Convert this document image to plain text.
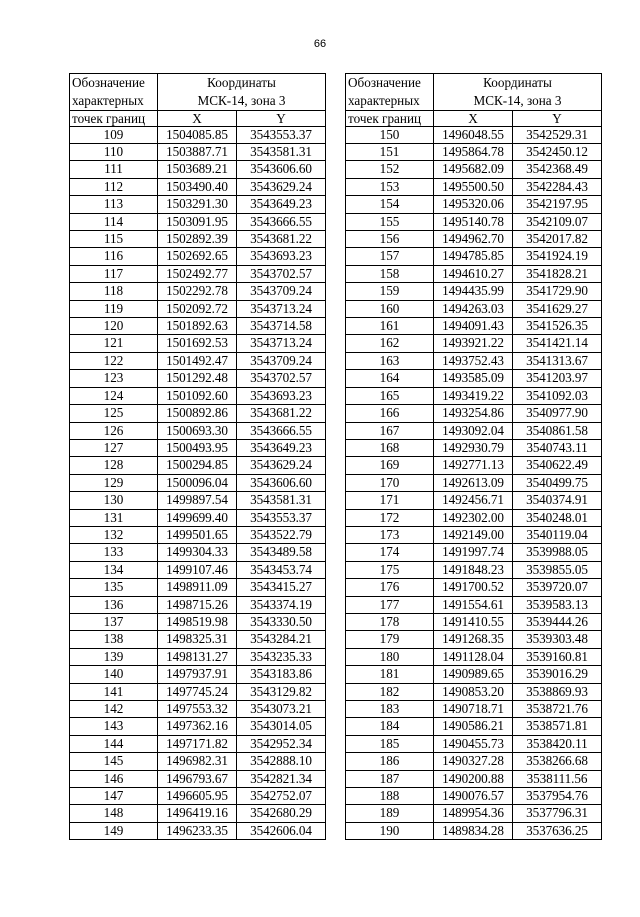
66
Обозначение
характерных	Координаты
МСК-14, зона 3	

точек границ	X	Y
109	1504085.85	3543553.37
110	1503887.71	3543581.31
111	1503689.21	3543606.60
112	1503490.40	3543629.24
113	1503291.30	3543649.23
114	1503091.95	3543666.55
115	1502892.39	3543681.22
116	1502692.65	3543693.23
117	1502492.77	3543702.57
118	1502292.78	3543709.24
119	1502092.72	3543713.24
120	1501892.63	3543714.58
121	1501692.53	3543713.24
122	1501492.47	3543709.24
123	1501292.48	3543702.57
124	1501092.60	3543693.23
125	1500892.86	3543681.22
126	1500693.30	3543666.55
127	1500493.95	3543649.23
128	1500294.85	3543629.24
129	1500096.04	3543606.60
130	1499897.54	3543581.31
131	1499699.40	3543553.37
132	1499501.65	3543522.79
133	1499304.33	3543489.58
134	1499107.46	3543453.74
135	1498911.09	3543415.27
136	1498715.26	3543374.19
137	1498519.98	3543330.50
138	1498325.31	3543284.21
139	1498131.27	3543235.33
140	1497937.91	3543183.86
141	1497745.24	3543129.82
142	1497553.32	3543073.21
143	1497362.16	3543014.05
144	1497171.82	3542952.34
145	1496982.31	3542888.10
146	1496793.67	3542821.34
147	1496605.95	3542752.07
148	1496419.16	3542680.29
149	1496233.35	3542606.04
Обозначение
характерных	Координаты
МСК-14, зона 3	

точек границ	X	Y
150	1496048.55	3542529.31
151	1495864.78	3542450.12
152	1495682.09	3542368.49
153	1495500.50	3542284.43
154	1495320.06	3542197.95
155	1495140.78	3542109.07
156	1494962.70	3542017.82
157	1494785.85	3541924.19
158	1494610.27	3541828.21
159	1494435.99	3541729.90
160	1494263.03	3541629.27
161	1494091.43	3541526.35
162	1493921.22	3541421.14
163	1493752.43	3541313.67
164	1493585.09	3541203.97
165	1493419.22	3541092.03
166	1493254.86	3540977.90
167	1493092.04	3540861.58
168	1492930.79	3540743.11
169	1492771.13	3540622.49
170	1492613.09	3540499.75
171	1492456.71	3540374.91
172	1492302.00	3540248.01
173	1492149.00	3540119.04
174	1491997.74	3539988.05
175	1491848.23	3539855.05
176	1491700.52	3539720.07
177	1491554.61	3539583.13
178	1491410.55	3539444.26
179	1491268.35	3539303.48
180	1491128.04	3539160.81
181	1490989.65	3539016.29
182	1490853.20	3538869.93
183	1490718.71	3538721.76
184	1490586.21	3538571.81
185	1490455.73	3538420.11
186	1490327.28	3538266.68
187	1490200.88	3538111.56
188	1490076.57	3537954.76
189	1489954.36	3537796.31
190	1489834.28	3537636.25
